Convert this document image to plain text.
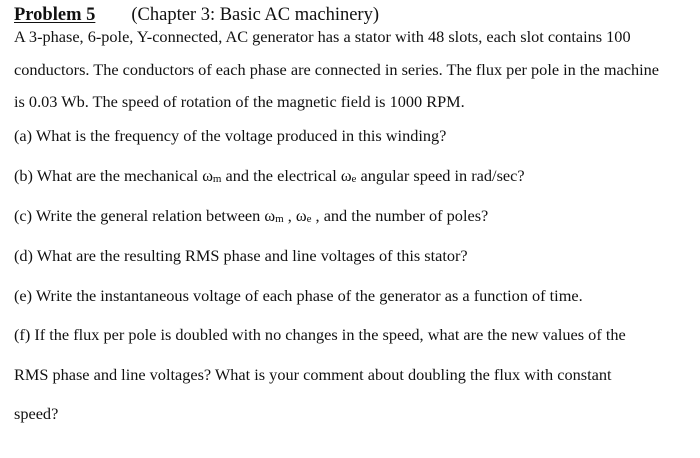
Problem 5 (Chapter 3: Basic AC machinery)
A 3-phase, 6-pole, Y-connected, AC generator has a stator with 48 slots, each slot contains 100
conductors. The conductors of each phase are connected in series. The flux per pole in the machine
is 0.03 Wb. The speed of rotation of the magnetic field is 1000 RPM.
(a) What is the frequency of the voltage produced in this winding?
(b) What are the mechanical ωm and the electrical ωe angular speed in rad/sec?
(c) Write the general relation between ωm , ωe , and the number of poles?
(d) What are the resulting RMS phase and line voltages of this stator?
(e) Write the instantaneous voltage of each phase of the generator as a function of time.
(f) If the flux per pole is doubled with no changes in the speed, what are the new values of the
RMS phase and line voltages? What is your comment about doubling the flux with constant
speed?
